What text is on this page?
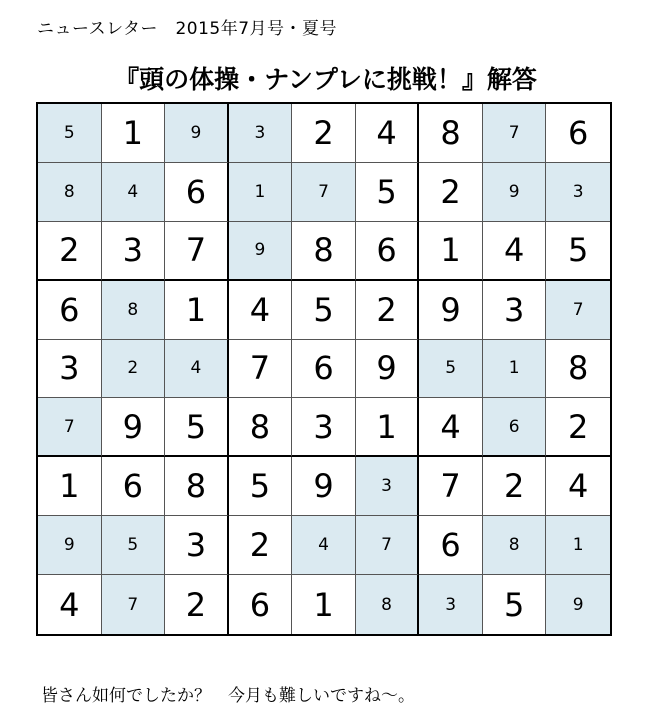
ニュースレター　2015年7月号・夏号
『頭の体操・ナンプレに挑戦！』解答
5 1	9	3 2 4 8	7 6
8	4 6	1	7 5 2	9	3
2 3 7	9 8 6 1 4 5
6	8 1 4 5 2 9 3	7
3	2	4 7 6 9	5	1 8
7 9 5 8 3 1 4	6 2
1 6 8 5 9	3 7 2 4
9	5 3 2	4	7 6	8	1
4	7 2 6 1	8	3 5	9
皆さん如何でしたか？　今月も難しいですね～。
